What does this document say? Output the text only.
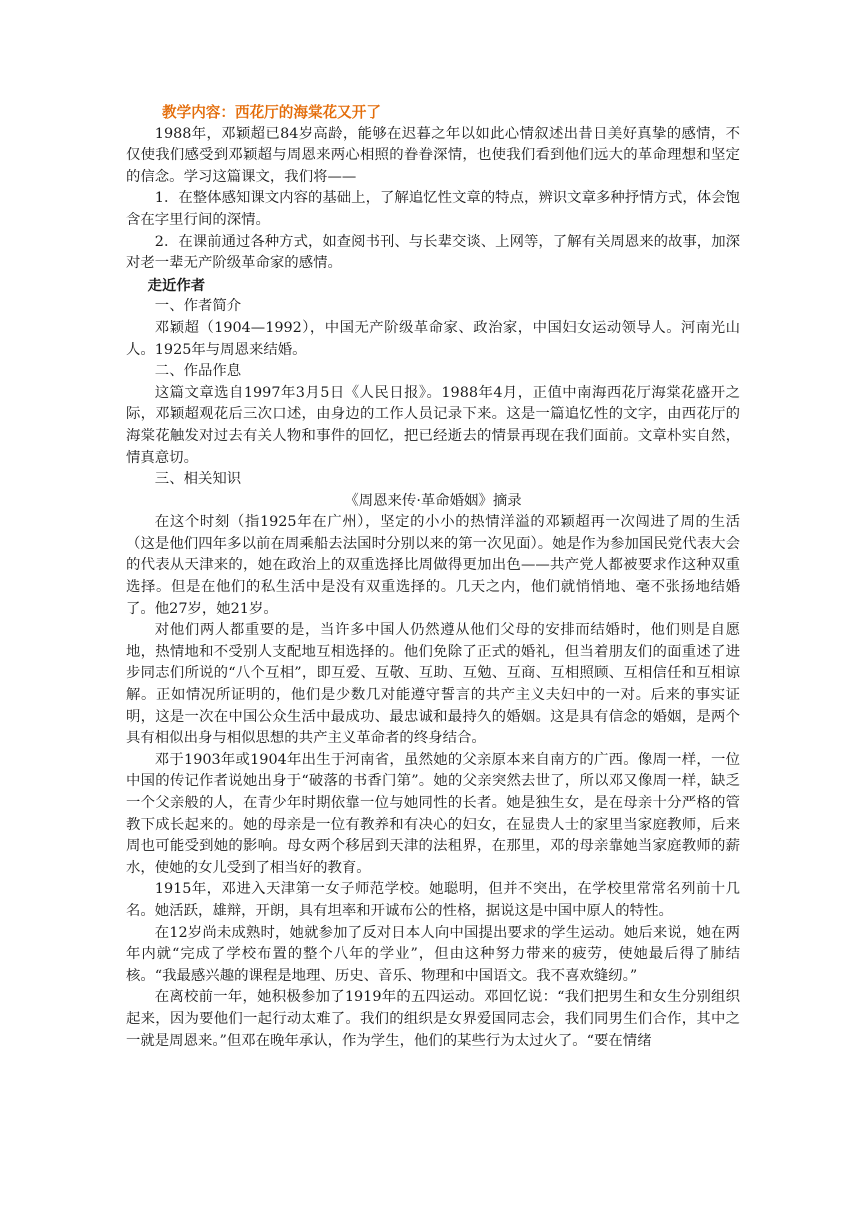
教学内容：西花厅的海棠花又开了

1988年，邓颖超已84岁高龄，能够在迟暮之年以如此心情叙述出昔日美好真挚的感情，不仅使我们感受到邓颖超与周恩来两心相照的眷眷深情，也使我们看到他们远大的革命理想和坚定的信念。学习这篇课文，我们将——

1．在整体感知课文内容的基础上，了解追忆性文章的特点，辨识文章多种抒情方式，体会饱含在字里行间的深情。

2．在课前通过各种方式，如查阅书刊、与长辈交谈、上网等，了解有关周恩来的故事，加深对老一辈无产阶级革命家的感情。

走近作者

一、作者简介

邓颖超（1904—1992），中国无产阶级革命家、政治家，中国妇女运动领导人。河南光山人。1925年与周恩来结婚。

二、作品作息

这篇文章选自1997年3月5日《人民日报》。1988年4月，正值中南海西花厅海棠花盛开之际，邓颖超观花后三次口述，由身边的工作人员记录下来。这是一篇追忆性的文字，由西花厅的海棠花触发对过去有关人物和事件的回忆，把已经逝去的情景再现在我们面前。文章朴实自然，情真意切。

三、相关知识

《周恩来传·革命婚姻》摘录

在这个时刻（指1925年在广州），坚定的小小的热情洋溢的邓颖超再一次闯进了周的生活（这是他们四年多以前在周乘船去法国时分别以来的第一次见面）。她是作为参加国民党代表大会的代表从天津来的，她在政治上的双重选择比周做得更加出色——共产党人都被要求作这种双重选择。但是在他们的私生活中是没有双重选择的。几天之内，他们就悄悄地、毫不张扬地结婚了。他27岁，她21岁。

对他们两人都重要的是，当许多中国人仍然遵从他们父母的安排而结婚时，他们则是自愿地，热情地和不受别人支配地互相选择的。他们免除了正式的婚礼，但当着朋友们的面重述了进步同志们所说的“八个互相”，即互爱、互敬、互助、互勉、互商、互相照顾、互相信任和互相谅解。正如情况所证明的，他们是少数几对能遵守誓言的共产主义夫妇中的一对。后来的事实证明，这是一次在中国公众生活中最成功、最忠诚和最持久的婚姻。这是具有信念的婚姻，是两个具有相似出身与相似思想的共产主义革命者的终身结合。

邓于1903年或1904年出生于河南省，虽然她的父亲原本来自南方的广西。像周一样，一位中国的传记作者说她出身于“破落的书香门第”。她的父亲突然去世了，所以邓又像周一样，缺乏一个父亲般的人，在青少年时期依靠一位与她同性的长者。她是独生女，是在母亲十分严格的管教下成长起来的。她的母亲是一位有教养和有决心的妇女，在显贵人士的家里当家庭教师，后来周也可能受到她的影响。母女两个移居到天津的法租界，在那里，邓的母亲靠她当家庭教师的薪水，使她的女儿受到了相当好的教育。

1915年，邓进入天津第一女子师范学校。她聪明，但并不突出，在学校里常常名列前十几名。她活跃，雄辩，开朗，具有坦率和开诚布公的性格，据说这是中国中原人的特性。

在12岁尚未成熟时，她就参加了反对日本人向中国提出要求的学生运动。她后来说，她在两年内就“完成了学校布置的整个八年的学业”，但由这种努力带来的疲劳，使她最后得了肺结核。“我最感兴趣的课程是地理、历史、音乐、物理和中国语文。我不喜欢缝纫。”

在离校前一年，她积极参加了1919年的五四运动。邓回忆说：“我们把男生和女生分别组织起来，因为要他们一起行动太难了。我们的组织是女界爱国同志会，我们同男生们合作，其中之一就是周恩来。”但邓在晚年承认，作为学生，他们的某些行为太过火了。“要在情绪
